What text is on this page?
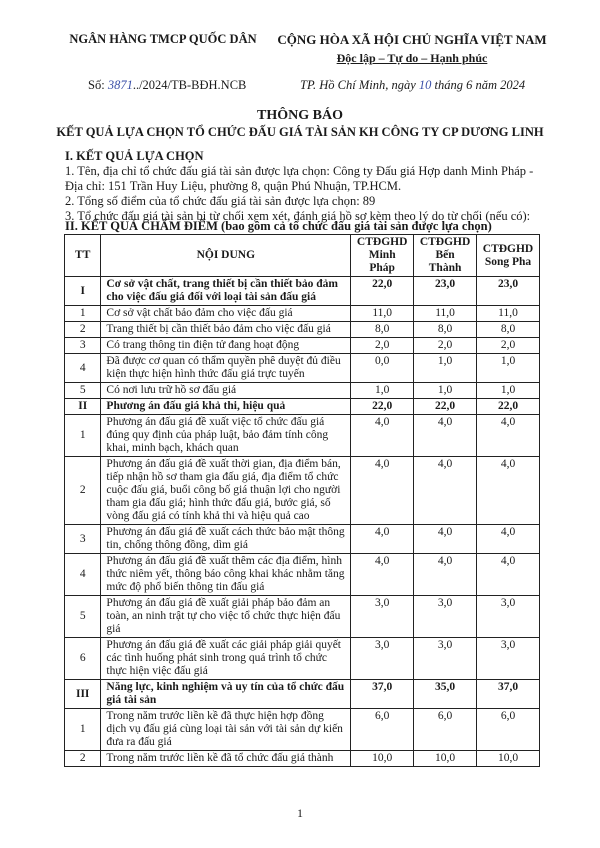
NGÂN HÀNG TMCP QUỐC DÂN	CỘNG HÒA XÃ HỘI CHỦ NGHĨA VIỆT NAM
Độc lập – Tự do – Hạnh phúc
Số: 3871../2024/TB-BĐH.NCB	TP. Hồ Chí Minh, ngày 10 tháng 6 năm 2024
THÔNG BÁO
KẾT QUẢ LỰA CHỌN TỔ CHỨC ĐẤU GIÁ TÀI SẢN KH CÔNG TY CP DƯƠNG LINH
I. KẾT QUẢ LỰA CHỌN
1. Tên, địa chỉ tổ chức đấu giá tài sản được lựa chọn: Công ty Đấu giá Hợp danh Minh Pháp - Địa chỉ: 151 Trần Huy Liệu, phường 8, quận Phú Nhuận, TP.HCM.
2. Tổng số điểm của tổ chức đấu giá tài sản được lựa chọn: 89
3. Tổ chức đấu giá tài sản bị từ chối xem xét, đánh giá hồ sơ kèm theo lý do từ chối (nếu có):
II. KẾT QUẢ CHẤM ĐIỂM (bao gồm cả tổ chức đấu giá tài sản được lựa chọn)
TT	NỘI DUNG	CTĐGHD Minh Pháp	CTĐGHD Bến Thành	CTĐGHD Song Pha
I	Cơ sở vật chất, trang thiết bị cần thiết bảo đảm cho việc đấu giá đối với loại tài sản đấu giá	22,0	23,0	23,0
1	Cơ sở vật chất bảo đảm cho việc đấu giá	11,0	11,0	11,0
2	Trang thiết bị cần thiết bảo đảm cho việc đấu giá	8,0	8,0	8,0
3	Có trang thông tin điện tử đang hoạt động	2,0	2,0	2,0
4	Đã được cơ quan có thẩm quyền phê duyệt đủ điều kiện thực hiện hình thức đấu giá trực tuyến	0,0	1,0	1,0
5	Có nơi lưu trữ hồ sơ đấu giá	1,0	1,0	1,0
II	Phương án đấu giá khả thi, hiệu quả	22,0	22,0	22,0
1	Phương án đấu giá đề xuất việc tổ chức đấu giá đúng quy định của pháp luật, bảo đảm tính công khai, minh bạch, khách quan	4,0	4,0	4,0
2	Phương án đấu giá đề xuất thời gian, địa điểm bán, tiếp nhận hồ sơ tham gia đấu giá, địa điểm tổ chức cuộc đấu giá, buổi công bố giá thuận lợi cho người tham gia đấu giá; hình thức đấu giá, bước giá, số vòng đấu giá có tính khả thi và hiệu quả cao	4,0	4,0	4,0
3	Phương án đấu giá đề xuất cách thức bảo mật thông tin, chống thông đồng, dìm giá	4,0	4,0	4,0
4	Phương án đấu giá đề xuất thêm các địa điểm, hình thức niêm yết, thông báo công khai khác nhằm tăng mức độ phổ biến thông tin đấu giá	4,0	4,0	4,0
5	Phương án đấu giá đề xuất giải pháp bảo đảm an toàn, an ninh trật tự cho việc tổ chức thực hiện đấu giá	3,0	3,0	3,0
6	Phương án đấu giá đề xuất các giải pháp giải quyết các tình huống phát sinh trong quá trình tổ chức thực hiện việc đấu giá	3,0	3,0	3,0
III	Năng lực, kinh nghiệm và uy tín của tổ chức đấu giá tài sản	37,0	35,0	37,0
1	Trong năm trước liền kề đã thực hiện hợp đồng dịch vụ đấu giá cùng loại tài sản với tài sản dự kiến đưa ra đấu giá	6,0	6,0	6,0
2	Trong năm trước liền kề đã tổ chức đấu giá thành	10,0	10,0	10,0
1
